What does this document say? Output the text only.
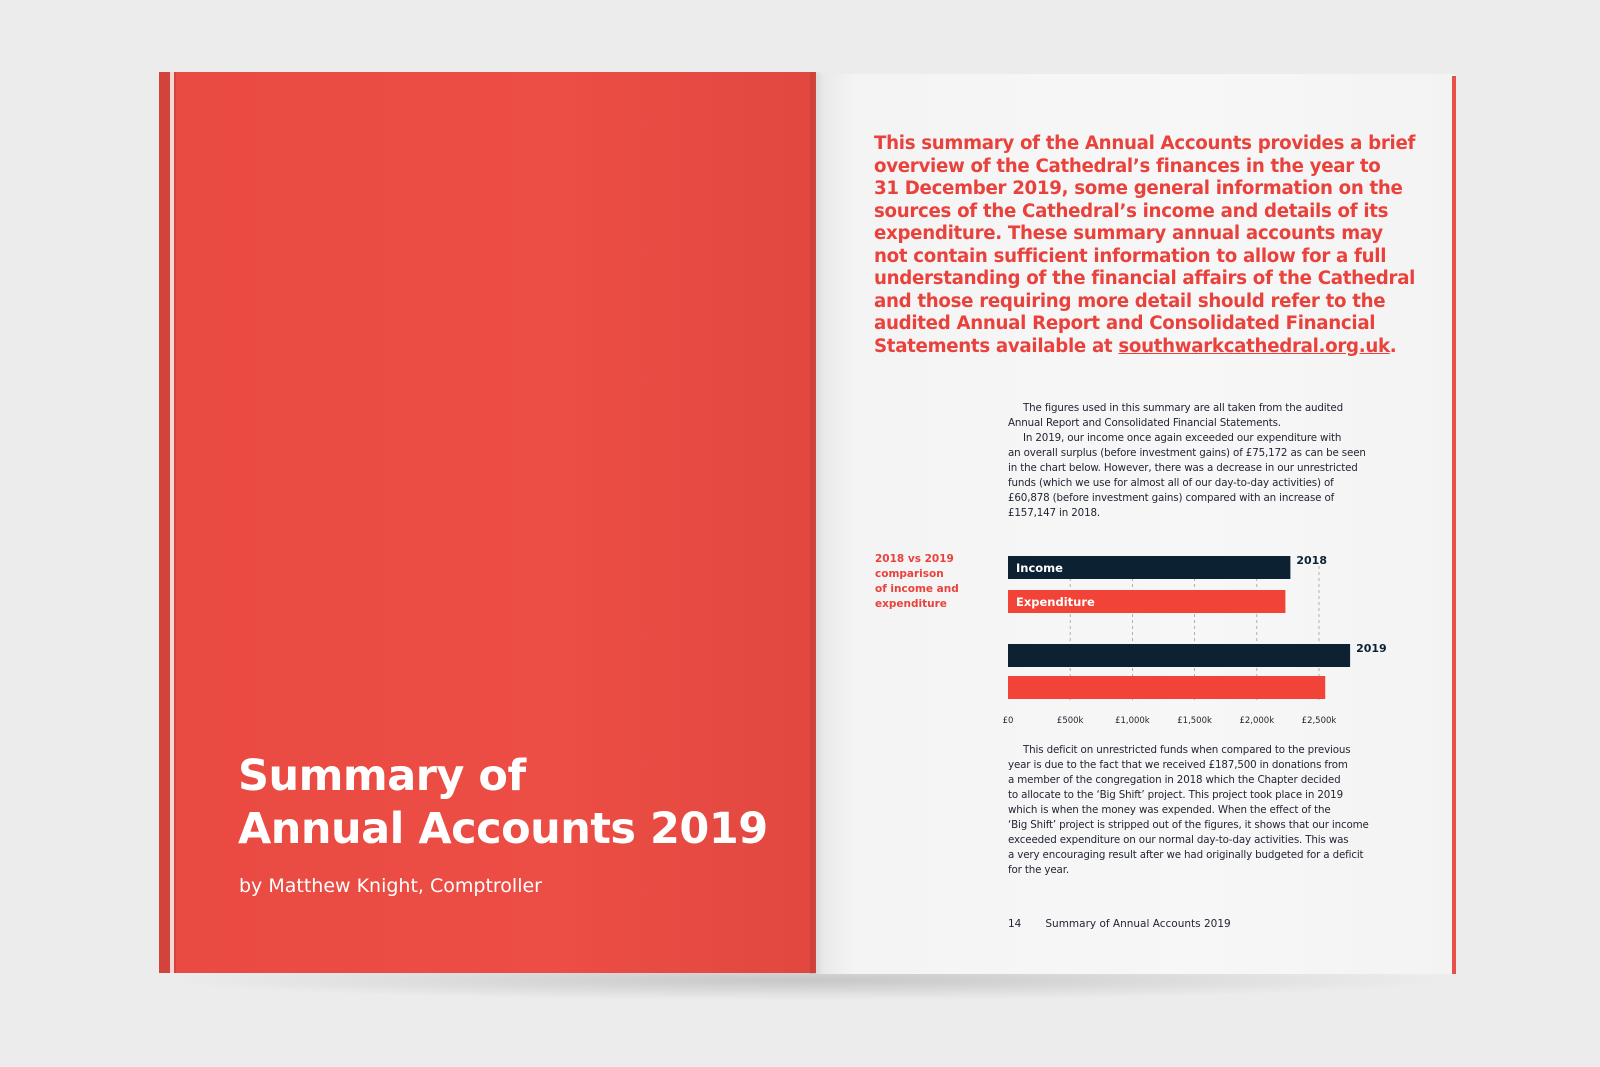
Summary of
Annual Accounts 2019

by Matthew Knight, Comptroller

This summary of the Annual Accounts provides a brief
overview of the Cathedral’s finances in the year to
31 December 2019, some general information on the
sources of the Cathedral’s income and details of its
expenditure. These summary annual accounts may
not contain sufficient information to allow for a full
understanding of the financial affairs of the Cathedral
and those requiring more detail should refer to the
audited Annual Report and Consolidated Financial
Statements available at southwarkcathedral.org.uk.

The figures used in this summary are all taken from the audited
Annual Report and Consolidated Financial Statements.
In 2019, our income once again exceeded our expenditure with
an overall surplus (before investment gains) of £75,172 as can be seen
in the chart below. However, there was a decrease in our unrestricted
funds (which we use for almost all of our day-to-day activities) of
£60,878 (before investment gains) compared with an increase of
£157,147 in 2018.

2018 vs 2019
comparison
of income and
expenditure

Income
Expenditure
2018
2019
£0	£500k	£1,000k	£1,500k	£2,000k	£2,500k

This deficit on unrestricted funds when compared to the previous
year is due to the fact that we received £187,500 in donations from
a member of the congregation in 2018 which the Chapter decided
to allocate to the ‘Big Shift’ project. This project took place in 2019
which is when the money was expended. When the effect of the
‘Big Shift’ project is stripped out of the figures, it shows that our income
exceeded expenditure on our normal day-to-day activities. This was
a very encouraging result after we had originally budgeted for a deficit
for the year.

14 Summary of Annual Accounts 2019
